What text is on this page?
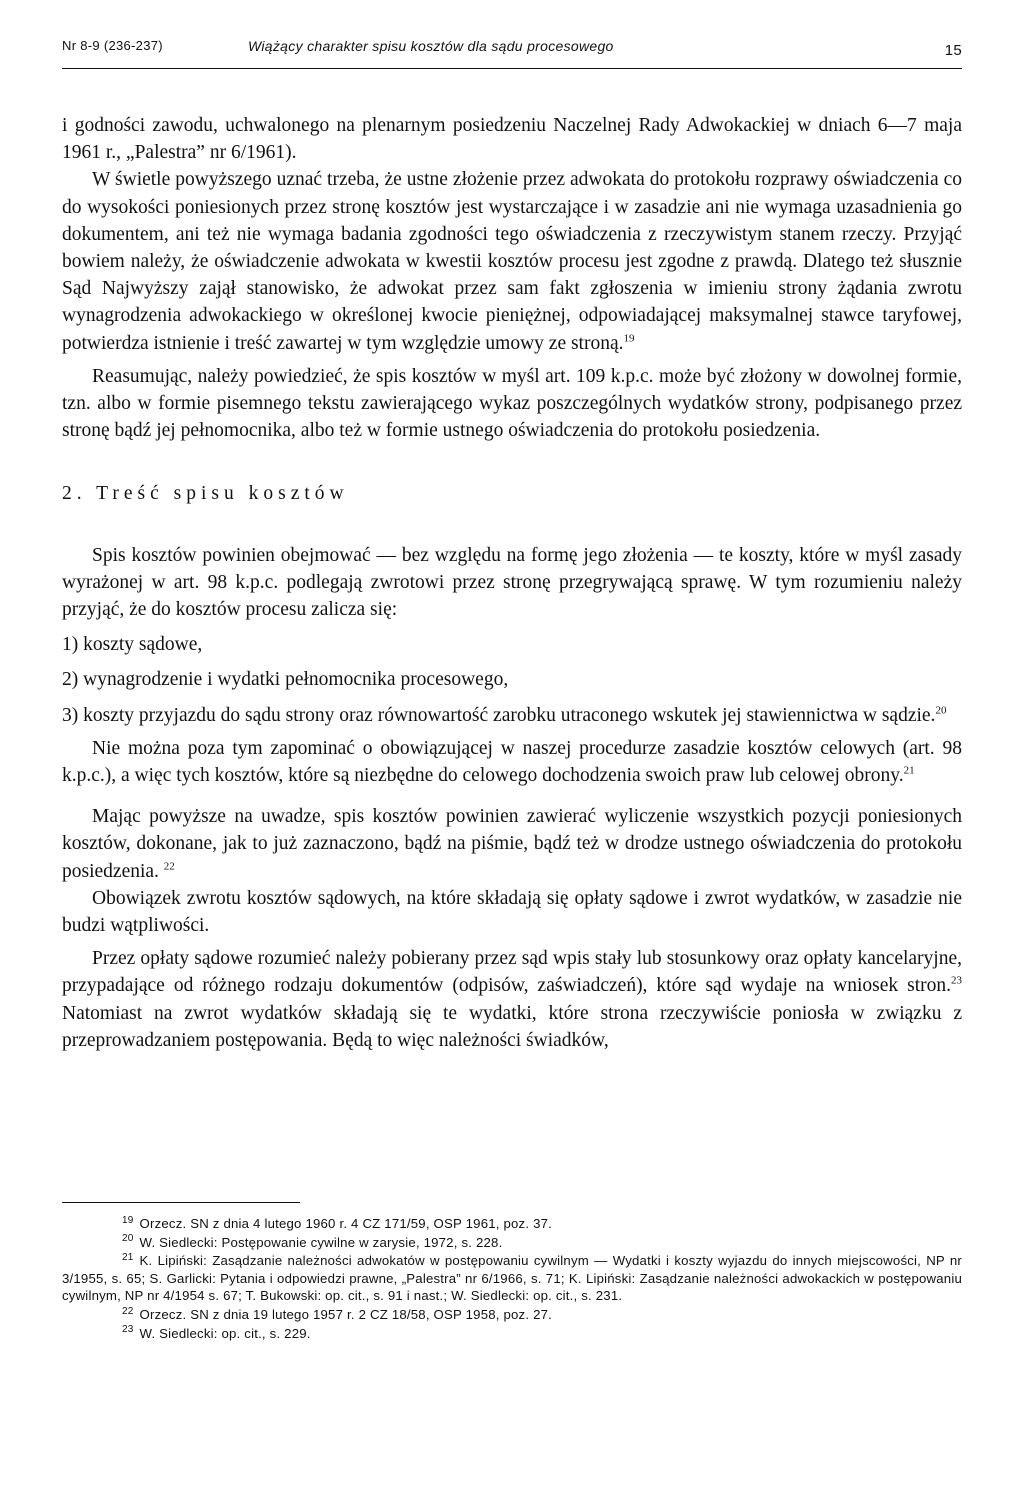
Nr 8-9 (236-237)	Wiążący charakter spisu kosztów dla sądu procesowego	15

i godności zawodu, uchwalonego na plenarnym posiedzeniu Naczelnej Rady Adwokackiej w dniach 6—7 maja 1961 r., „Palestra” nr 6/1961).

W świetle powyższego uznać trzeba, że ustne złożenie przez adwokata do protokołu rozprawy oświadczenia co do wysokości poniesionych przez stronę kosztów jest wystarczające i w zasadzie ani nie wymaga uzasadnienia go dokumentem, ani też nie wymaga badania zgodności tego oświadczenia z rzeczywistym stanem rzeczy. Przyjąć bowiem należy, że oświadczenie adwokata w kwestii kosztów procesu jest zgodne z prawdą. Dlatego też słusznie Sąd Najwyższy zajął stanowisko, że adwokat przez sam fakt zgłoszenia w imieniu strony żądania zwrotu wynagrodzenia adwokackiego w określonej kwocie pieniężnej, odpowiadającej maksymalnej stawce taryfowej, potwierdza istnienie i treść zawartej w tym względzie umowy ze stroną.$^{19}$

Reasumując, należy powiedzieć, że spis kosztów w myśl art. 109 k.p.c. może być złożony w dowolnej formie, tzn. albo w formie pisemnego tekstu zawierającego wykaz poszczególnych wydatków strony, podpisanego przez stronę bądź jej pełnomocnika, albo też w formie ustnego oświadczenia do protokołu posiedzenia.

2. Treść spisu kosztów

Spis kosztów powinien obejmować — bez względu na formę jego złożenia — te koszty, które w myśl zasady wyrażonej w art. 98 k.p.c. podlegają zwrotowi przez stronę przegrywającą sprawę. W tym rozumieniu należy przyjąć, że do kosztów procesu zalicza się:

1) koszty sądowe,

2) wynagrodzenie i wydatki pełnomocnika procesowego,

3) koszty przyjazdu do sądu strony oraz równowartość zarobku utraconego wskutek jej stawiennictwa w sądzie.$^{20}$

Nie można poza tym zapominać o obowiązującej w naszej procedurze zasadzie kosztów celowych (art. 98 k.p.c.), a więc tych kosztów, które są niezbędne do celowego dochodzenia swoich praw lub celowej obrony.$^{21}$

Mając powyższe na uwadze, spis kosztów powinien zawierać wyliczenie wszystkich pozycji poniesionych kosztów, dokonane, jak to już zaznaczono, bądź na piśmie, bądź też w drodze ustnego oświadczenia do protokołu posiedzenia. $^{22}$

Obowiązek zwrotu kosztów sądowych, na które składają się opłaty sądowe i zwrot wydatków, w zasadzie nie budzi wątpliwości.

Przez opłaty sądowe rozumieć należy pobierany przez sąd wpis stały lub stosunkowy oraz opłaty kancelaryjne, przypadające od różnego rodzaju dokumentów (odpisów, zaświadczeń), które sąd wydaje na wniosek stron.$^{23}$ Natomiast na zwrot wydatków składają się te wydatki, które strona rzeczywiście poniosła w związku z przeprowadzaniem postępowania. Będą to więc należności świadków,

$^{19}$ Orzecz. SN z dnia 4 lutego 1960 r. 4 CZ 171/59, OSP 1961, poz. 37.

$^{20}$ W. Siedlecki: Postępowanie cywilne w zarysie, 1972, s. 228.

$^{21}$ K. Lipiński: Zasądzanie należności adwokatów w postępowaniu cywilnym — Wydatki i koszty wyjazdu do innych miejscowości, NP nr 3/1955, s. 65; S. Garlicki: Pytania i odpowiedzi prawne, „Palestra” nr 6/1966, s. 71; K. Lipiński: Zasądzanie należności adwokackich w postępowaniu cywilnym, NP nr 4/1954 s. 67; T. Bukowski: op. cit., s. 91 i nast.; W. Siedlecki: op. cit., s. 231.

$^{22}$ Orzecz. SN z dnia 19 lutego 1957 r. 2 CZ 18/58, OSP 1958, poz. 27.

$^{23}$ W. Siedlecki: op. cit., s. 229.
